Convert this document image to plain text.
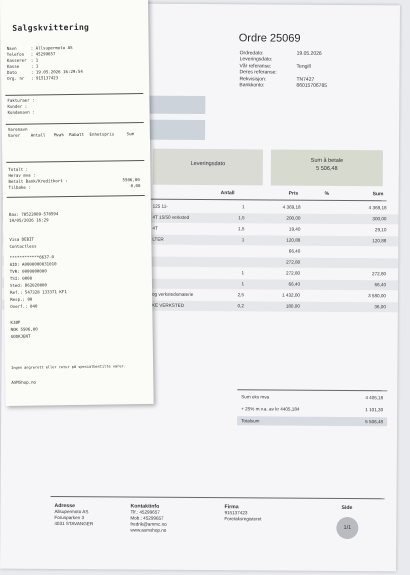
Ordre 25069
Ordredato:	19.05.2026
Leveringsdato:
Vår referanse:	Tengill
Deres referanse:
Rekvisisjon:	TN7427
Bankkonto:	86015706785
Leveringsdato
Sum å betale
5 506,48
Antall	Pris	%	Sum
125 11-	1	4 369,18	4 369,18
4T 15/50 verksted	1,5	200,00	300,00
4T	1,5	19,40	29,10
LTER	1	120,88	120,88
66,40
272,80
1	272,80	272,80
1	66,40	66,40
og verkstedsmaterie	2,5	1 432,00	3 580,00
KE VERKSTED	0,2	180,00	36,00
Sum eks mva	4 405,18
+ 25% m.v.a. av kr 4405,184	1 101,30
Totalsum	5 506,48
Adresse
Allsupermoto AS
Forusparken 3
4031 STAVANGER
Kontaktinfo
Tlf.: 45299657
Mob.: 45299657
fredrik@ammc.no
www.asmshop.no
Firma
915137423
Foretaksregisteret
Side
1/1
Salgskvittering
Navn	: Allsupermoto AS
Telefon : 45299657
Kasserer : 1
Kasse	: 1
Dato	: 19.05.2026 16:29:54
Org. nr : 915137423
Fakturaer :
Kunder :
Kundenavn :
Varenavn
Varer	Antall Mva% Rabatt Enhetspris	Sum
Totalt :
Herav mva :
Betalt Bank/Kreditkort :	5506,00
Tilbake :	0,00
Bax: 78522089-570594
19/05/2026 16:29
Visa DEBIT
Contactless
************6637-0
AID: A0000000031010
TVR: 0000000000
TSI: 0000
Sted: 862020000
Ref.: 547328 133371 KF1
Resp.: 00
Overf.: 040
KJØP
NOK 5506,00
GODKJENT
Ingen angrerett eller retur på spesialbestilte varer.
ASMShop.no
